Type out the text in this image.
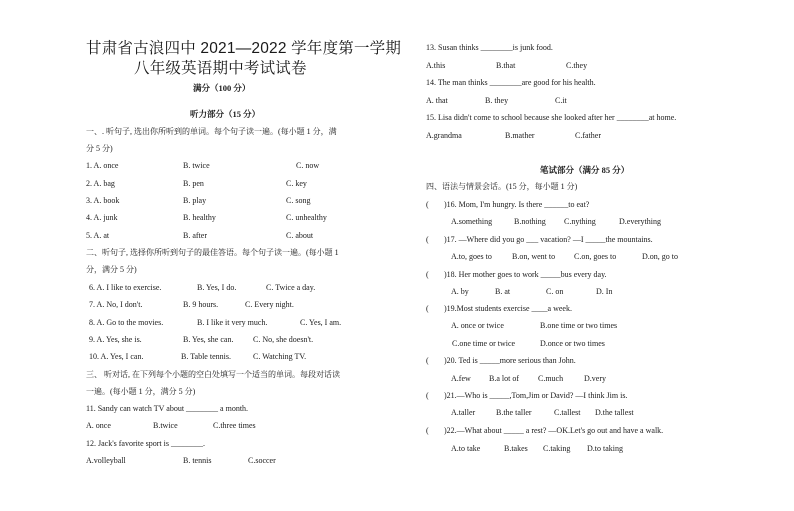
甘肃省古浪四中 2021—2022 学年度第一学期
八年级英语期中考试试卷
满分（100 分）
听力部分（15 分）
一、. 听句子, 选出你所听到的单词。每个句子读一遍。(每小题 1 分，满
分 5 分)
1. A. once	B. twice	C. now
2. A. bag	B. pen	C. key
3. A. book	B. play	C. song
4. A. junk	B. healthy	C. unhealthy
5. A. at	B. after	C. about
二、听句子, 选择你所听到句子的最佳答语。每个句子读一遍。(每小题 1
分，满分 5 分)
6. A. I like to exercise.	B. Yes, I do.	C. Twice a day.
7. A. No, I don't.	B. 9 hours.	C. Every night.
8. A. Go to the movies.	B. I like it very much.	C. Yes, I am.
9. A. Yes, she is.	B. Yes, she can. C. No, she doesn't.
10. A. Yes, I can.	B. Table tennis.	C. Watching TV.
三、 听对话, 在下列每个小题的空白处填写一个适当的单词。每段对话读
一遍。(每小题 1 分，满分 5 分)
11. Sandy can watch TV about ________ a month.
A. once	B.twice	C.three times
12. Jack's favorite sport is ________.
A.volleyball	B. tennis	C.soccer
13. Susan thinks ________is junk food.
A.this	B.that	C.they
14. The man thinks ________are good for his health.
A. that	B. they	C.it
15. Lisa didn't come to school because she looked after her ________at home.
A.grandma	B.mather	C.father
笔试部分（满分 85 分）
四、语法与情景会话。(15 分，每小题 1 分)
( )16. Mom, I'm hungry. Is there ______to eat?
A.something	B.nothing C.nything	D.everything
( )17. —Where did you go ___ vacation? —I _____the mountains.
A.to, goes to	B.on, went to C.on, goes to	D.on, go to
( )18. Her mother goes to work _____bus every day.
A. by	B. at	C. on	D. In
( )19.Most students exercise ____a week.
A. once or twice	B.one time or two times
C.one time or twice	D.once or two times
( )20. Ted is _____more serious than John.
A.few B.a lot of C.much	D.very
( )21.—Who is _____,Tom,Jim or David? —I think Jim is.
A.taller	B.the taller	C.tallest D.the tallest
( )22.—What about _____ a rest? —OK.Let's go out and have a walk.
A.to take	B.takes C.taking D.to taking
